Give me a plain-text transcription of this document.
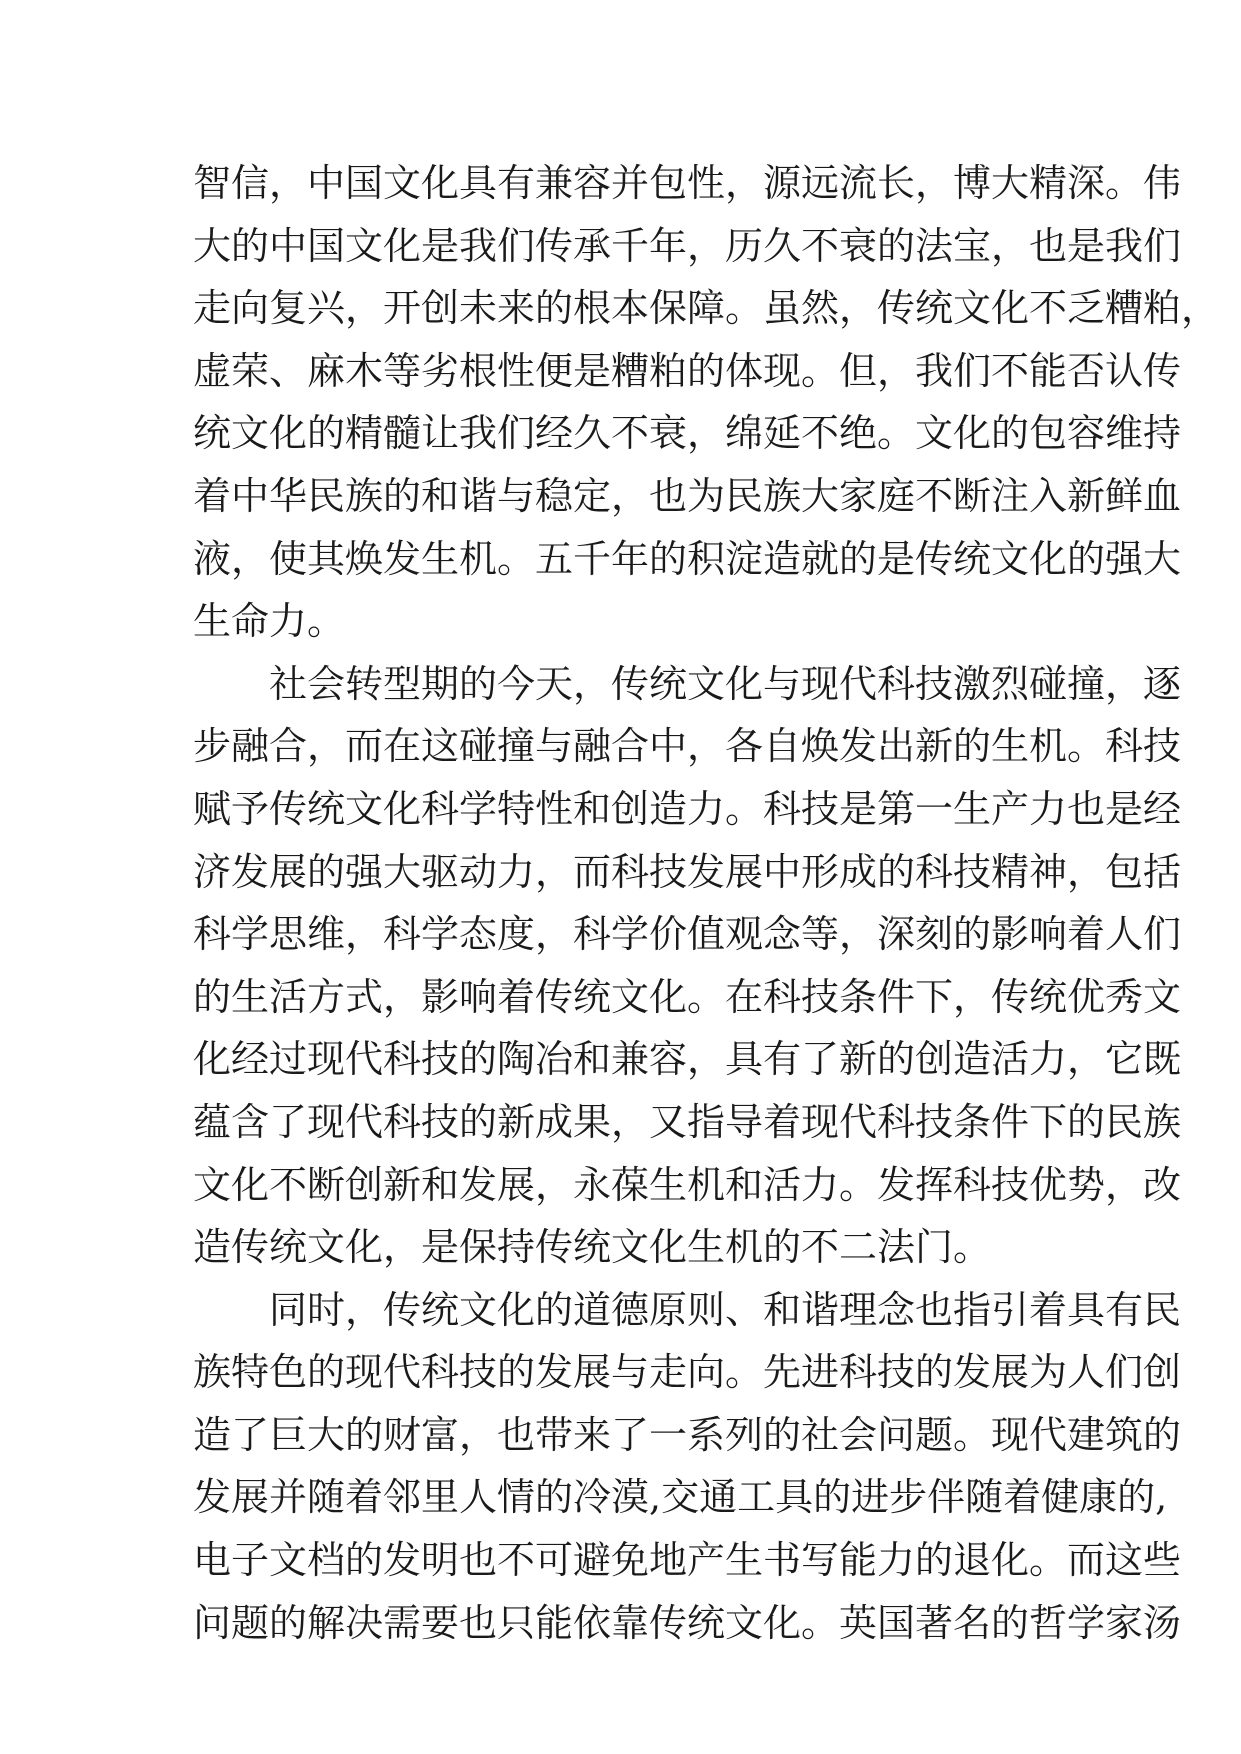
智信，中国文化具有兼容并包性，源远流长，博大精深。伟
大的中国文化是我们传承千年，历久不衰的法宝，也是我们
走向复兴，开创未来的根本保障。虽然，传统文化不乏糟粕，
虚荣、麻木等劣根性便是糟粕的体现。但，我们不能否认传
统文化的精髓让我们经久不衰，绵延不绝。文化的包容维持
着中华民族的和谐与稳定，也为民族大家庭不断注入新鲜血
液，使其焕发生机。五千年的积淀造就的是传统文化的强大
生命力。
社会转型期的今天，传统文化与现代科技激烈碰撞，逐
步融合，而在这碰撞与融合中，各自焕发出新的生机。科技
赋予传统文化科学特性和创造力。科技是第一生产力也是经
济发展的强大驱动力，而科技发展中形成的科技精神，包括
科学思维，科学态度，科学价值观念等，深刻的影响着人们
的生活方式，影响着传统文化。在科技条件下，传统优秀文
化经过现代科技的陶冶和兼容，具有了新的创造活力，它既
蕴含了现代科技的新成果，又指导着现代科技条件下的民族
文化不断创新和发展，永葆生机和活力。发挥科技优势，改
造传统文化，是保持传统文化生机的不二法门。
同时，传统文化的道德原则、和谐理念也指引着具有民
族特色的现代科技的发展与走向。先进科技的发展为人们创
造了巨大的财富，也带来了一系列的社会问题。现代建筑的
发展并随着邻里人情的冷漠,交通工具的进步伴随着健康的,
电子文档的发明也不可避免地产生书写能力的退化。而这些
问题的解决需要也只能依靠传统文化。英国著名的哲学家汤
